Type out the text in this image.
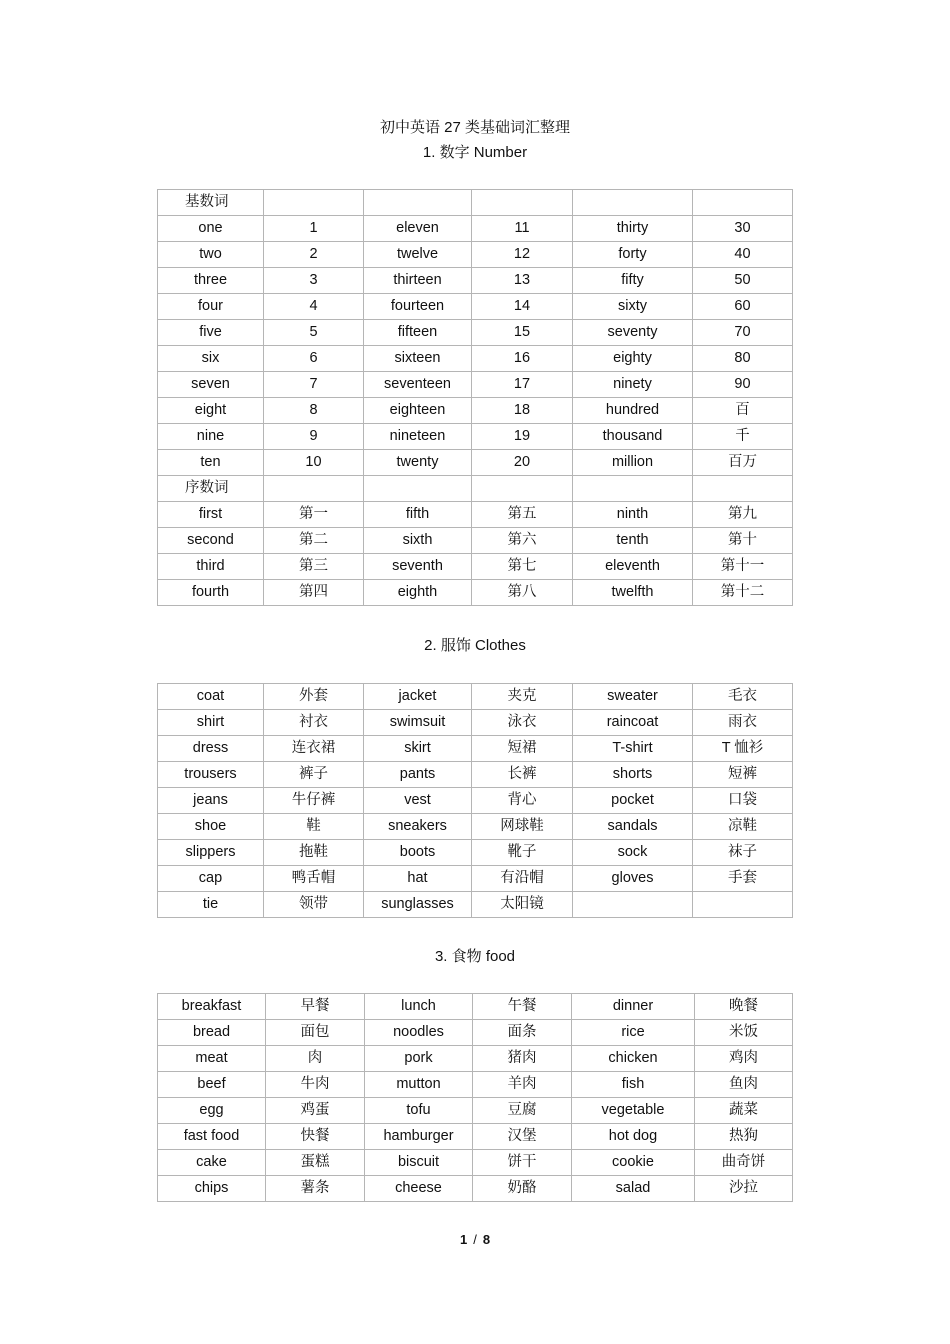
初中英语 27 类基础词汇整理
1. 数字 Number
基数词					
one	1	eleven	11	thirty	30
two	2	twelve	12	forty	40
three	3	thirteen	13	fifty	50
four	4	fourteen	14	sixty	60
five	5	fifteen	15	seventy	70
six	6	sixteen	16	eighty	80
seven	7	seventeen	17	ninety	90
eight	8	eighteen	18	hundred	百
nine	9	nineteen	19	thousand	千
ten	10	twenty	20	million	百万
序数词					
first	第一	fifth	第五	ninth	第九
second	第二	sixth	第六	tenth	第十
third	第三	seventh	第七	eleventh	第十一
fourth	第四	eighth	第八	twelfth	第十二
2. 服饰 Clothes
coat	外套	jacket	夹克	sweater	毛衣
shirt	衬衣	swimsuit	泳衣	raincoat	雨衣
dress	连衣裙	skirt	短裙	T-shirt	T 恤衫
trousers	裤子	pants	长裤	shorts	短裤
jeans	牛仔裤	vest	背心	pocket	口袋
shoe	鞋	sneakers	网球鞋	sandals	凉鞋
slippers	拖鞋	boots	靴子	sock	袜子
cap	鸭舌帽	hat	有沿帽	gloves	手套
tie	领带	sunglasses	太阳镜		
3. 食物 food
breakfast	早餐	lunch	午餐	dinner	晚餐
bread	面包	noodles	面条	rice	米饭
meat	肉	pork	猪肉	chicken	鸡肉
beef	牛肉	mutton	羊肉	fish	鱼肉
egg	鸡蛋	tofu	豆腐	vegetable	蔬菜
fast food	快餐	hamburger	汉堡	hot dog	热狗
cake	蛋糕	biscuit	饼干	cookie	曲奇饼
chips	薯条	cheese	奶酪	salad	沙拉
1 / 8
